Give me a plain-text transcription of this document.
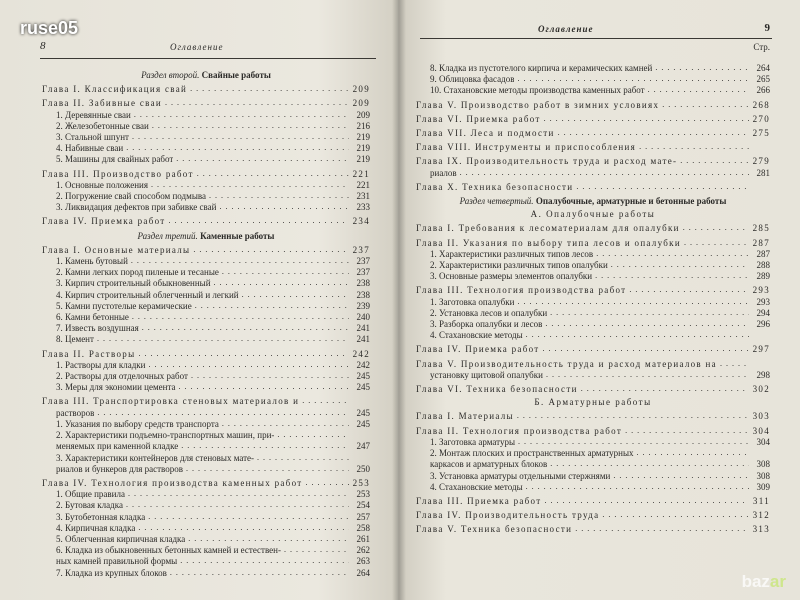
8	Оглавление
Раздел второй. Свайные работы
Глава I. Классификация свай . . .	209
Глава II. Забивные сваи . . .	209
1. Деревянные сваи . . .	209
2. Железобетонные сваи . . .	216
3. Стальной шпунт . . .	219
4. Набивные сваи . . .	219
5. Машины для свайных работ . . .	219
Глава III. Производство работ . . .	221
1. Основные положения . . .	221
2. Погружение свай способом подмыва . . .	231
3. Ликвидация дефектов при забивке свай . . .	233
Глава IV. Приемка работ . . .	234
Раздел третий. Каменные работы
Глава I. Основные материалы . . .	237
1. Камень бутовый . . .	237
2. Камни легких пород пиленые и тесаные . . .	237
3. Кирпич строительный обыкновенный . . .	238
4. Кирпич строительный облегченный и легкий . . .	238
5. Камни пустотелые керамические . . .	239
6. Камни бетонные . . .	240
7. Известь воздушная . . .	241
8. Цемент . . .	241
Глава II. Растворы . . .	242
1. Растворы для кладки . . .	242
2. Растворы для отделочных работ . . .	245
3. Меры для экономии цемента . . .	245
Глава III. Транспортировка стеновых материалов и
. . .
растворов . . .	245
1. Указания по выбору средств транспорта . . .	245
2. Характеристики подъемно-транспортных машин, при-
. . .
меняемых при каменной кладке . . .	247
3. Характеристики контейнеров для стеновых мате-
. . .
риалов и бункеров для растворов . . .	250
Глава IV. Технология производства каменных работ . . .	253
1. Общие правила . . .	253
2. Бутовая кладка . . .	254
3. Бутобетонная кладка . . .	257
4. Кирпичная кладка . . .	258
5. Облегченная кирпичная кладка . . .	261
6. Кладка из обыкновенных бетонных камней и естествен- . . .	262
ных камней правильной формы . . .	263
7. Кладка из крупных блоков . . .	264
9
Оглавление
Стр.
8. Кладка из пустотелого кирпича и керамических камней . . .	264
9. Облицовка фасадов . . .	265
10. Стахановские методы производства каменных работ . . .	266
Глава V. Производство работ в зимних условиях . . .	268
Глава VI. Приемка работ . . .	270
Глава VII. Леса и подмости . . .	275
Глава VIII. Инструменты и приспособления
. . .
Глава IX. Производительность труда и расход мате- . . .	279
риалов . . .	281
Глава X. Техника безопасности
. . .
Раздел четвертый. Опалубочные, арматурные и бетонные работы
А. Опалубочные работы
Глава I. Требования к лесоматериалам для опалубки . . .	285
Глава II. Указания по выбору типа лесов и опалубки . . .	287
1. Характеристики различных типов лесов . . .	287
2. Характеристики различных типов опалубки . . .	288
3. Основные размеры элементов опалубки . . .	289
Глава III. Технология производства работ . . .	293
1. Заготовка опалубки . . .	293
2. Установка лесов и опалубки . . .	294
3. Разборка опалубки и лесов . . .	296
4. Стахановские методы
. . .
Глава IV. Приемка работ . . .	297
Глава V. Производительность труда и расход материалов на
. . .
установку щитовой опалубки . . .	298
Глава VI. Техника безопасности . . .	302
Б. Арматурные работы
Глава I. Материалы . . .	303
Глава II. Технология производства работ . . .	304
1. Заготовка арматуры . . .	304
2. Монтаж плоских и пространственных арматурных
. . .
каркасов и арматурных блоков . . .	308
3. Установка арматуры отдельными стержнями . . .	308
4. Стахановские методы . . .	309
Глава III. Приемка работ . . .	311
Глава IV. Производительность труда . . .	312
Глава V. Техника безопасности . . .	313
ruse05
bazar
